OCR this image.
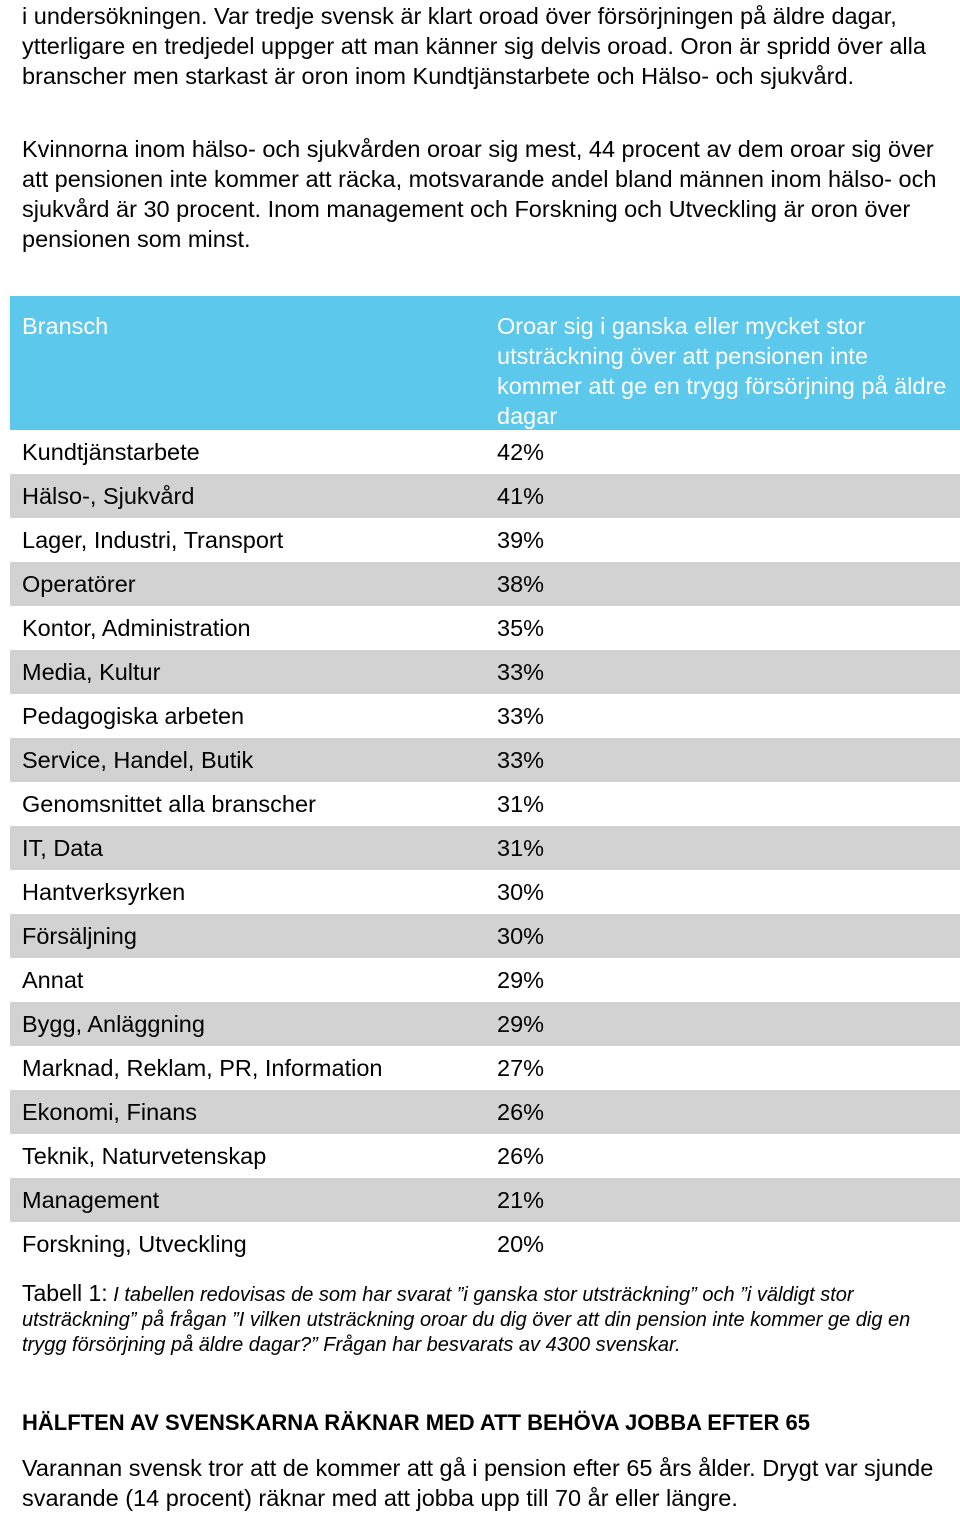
i undersökningen. Var tredje svensk är klart oroad över försörjningen på äldre dagar, ytterligare en tredjedel uppger att man känner sig delvis oroad. Oron är spridd över alla branscher men starkast är oron inom Kundtjänstarbete och Hälso- och sjukvård.

Kvinnorna inom hälso- och sjukvården oroar sig mest, 44 procent av dem oroar sig över att pensionen inte kommer att räcka, motsvarande andel bland männen inom hälso- och sjukvård är 30 procent. Inom management och Forskning och Utveckling är oron över pensionen som minst.

Bransch	Oroar sig i ganska eller mycket stor utsträckning över att pensionen inte kommer att ge en trygg försörjning på äldre dagar
Kundtjänstarbete	42%
Hälso-, Sjukvård	41%
Lager, Industri, Transport	39%
Operatörer	38%
Kontor, Administration	35%
Media, Kultur	33%
Pedagogiska arbeten	33%
Service, Handel, Butik	33%
Genomsnittet alla branscher	31%
IT, Data	31%
Hantverksyrken	30%
Försäljning	30%
Annat	29%
Bygg, Anläggning	29%
Marknad, Reklam, PR, Information	27%
Ekonomi, Finans	26%
Teknik, Naturvetenskap	26%
Management	21%
Forskning, Utveckling	20%

Tabell 1: I tabellen redovisas de som har svarat ”i ganska stor utsträckning” och ”i väldigt stor utsträckning” på frågan ”I vilken utsträckning oroar du dig över att din pension inte kommer ge dig en trygg försörjning på äldre dagar?” Frågan har besvarats av 4300 svenskar.

HÄLFTEN AV SVENSKARNA RÄKNAR MED ATT BEHÖVA JOBBA EFTER 65

Varannan svensk tror att de kommer att gå i pension efter 65 års ålder. Drygt var sjunde svarande (14 procent) räknar med att jobba upp till 70 år eller längre.
